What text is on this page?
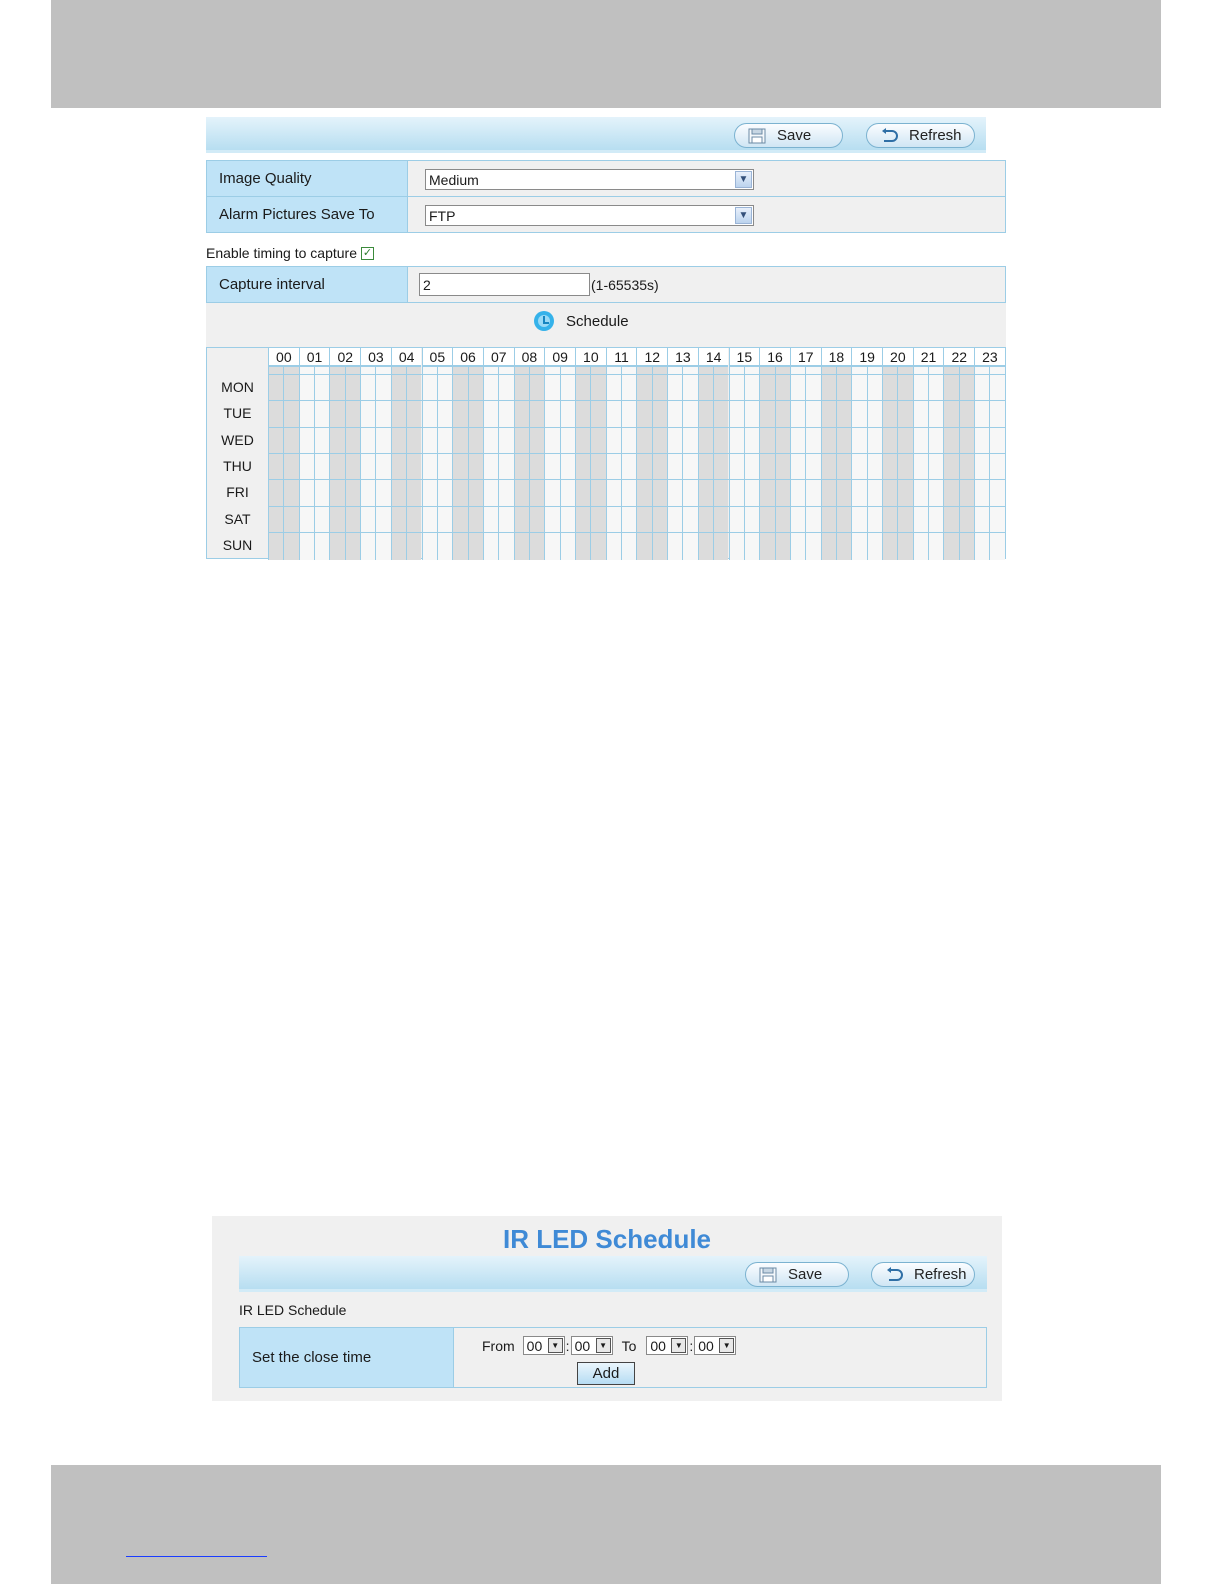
Save	Refresh
Image Quality	Medium	▼
Alarm Pictures Save To	FTP	▼
Enable timing to capture ✓
Capture interval	2	(1-65535s)
Schedule
00	01	02	03	04	05	06	07	08	09	10	11	12	13	14	15	16	17	18	19	20	21	22	23
MON
TUE
WED
THU
FRI
SAT
SUN
IR LED Schedule
Save	Refresh
IR LED Schedule
Set the close time
From 00	▼ : 00	▼ To 00	▼ : 00	▼
Add
